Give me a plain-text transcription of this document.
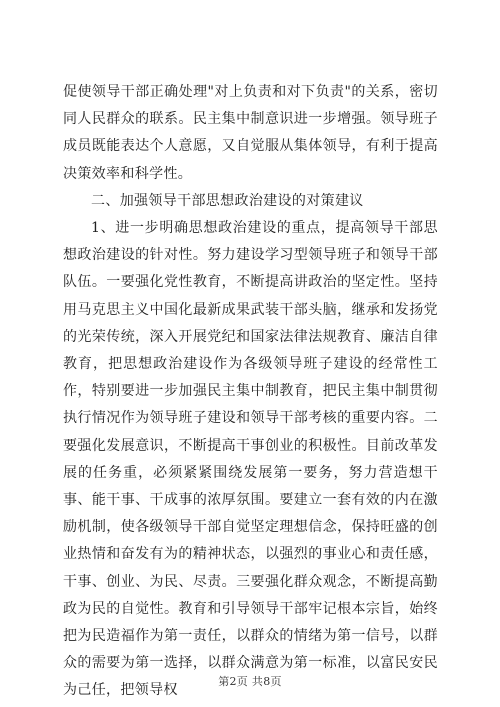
促使领导干部正确处理"对上负责和对下负责"的关系，密切同人民群众的联系。民主集中制意识进一步增强。领导班子成员既能表达个人意愿，又自觉服从集体领导，有利于提高决策效率和科学性。

二、加强领导干部思想政治建设的对策建议

1、进一步明确思想政治建设的重点，提高领导干部思想政治建设的针对性。努力建设学习型领导班子和领导干部队伍。一要强化党性教育，不断提高讲政治的坚定性。坚持用马克思主义中国化最新成果武装干部头脑，继承和发扬党的光荣传统，深入开展党纪和国家法律法规教育、廉洁自律教育，把思想政治建设作为各级领导班子建设的经常性工作，特别要进一步加强民主集中制教育，把民主集中制贯彻执行情况作为领导班子建设和领导干部考核的重要内容。二要强化发展意识，不断提高干事创业的积极性。目前改革发展的任务重，必须紧紧围绕发展第一要务，努力营造想干事、能干事、干成事的浓厚氛围。要建立一套有效的内在激励机制，使各级领导干部自觉坚定理想信念，保持旺盛的创业热情和奋发有为的精神状态，以强烈的事业心和责任感，干事、创业、为民、尽责。三要强化群众观念，不断提高勤政为民的自觉性。教育和引导领导干部牢记根本宗旨，始终把为民造福作为第一责任，以群众的情绪为第一信号，以群众的需要为第一选择，以群众满意为第一标准，以富民安民为己任，把领导权

第2页 共8页
